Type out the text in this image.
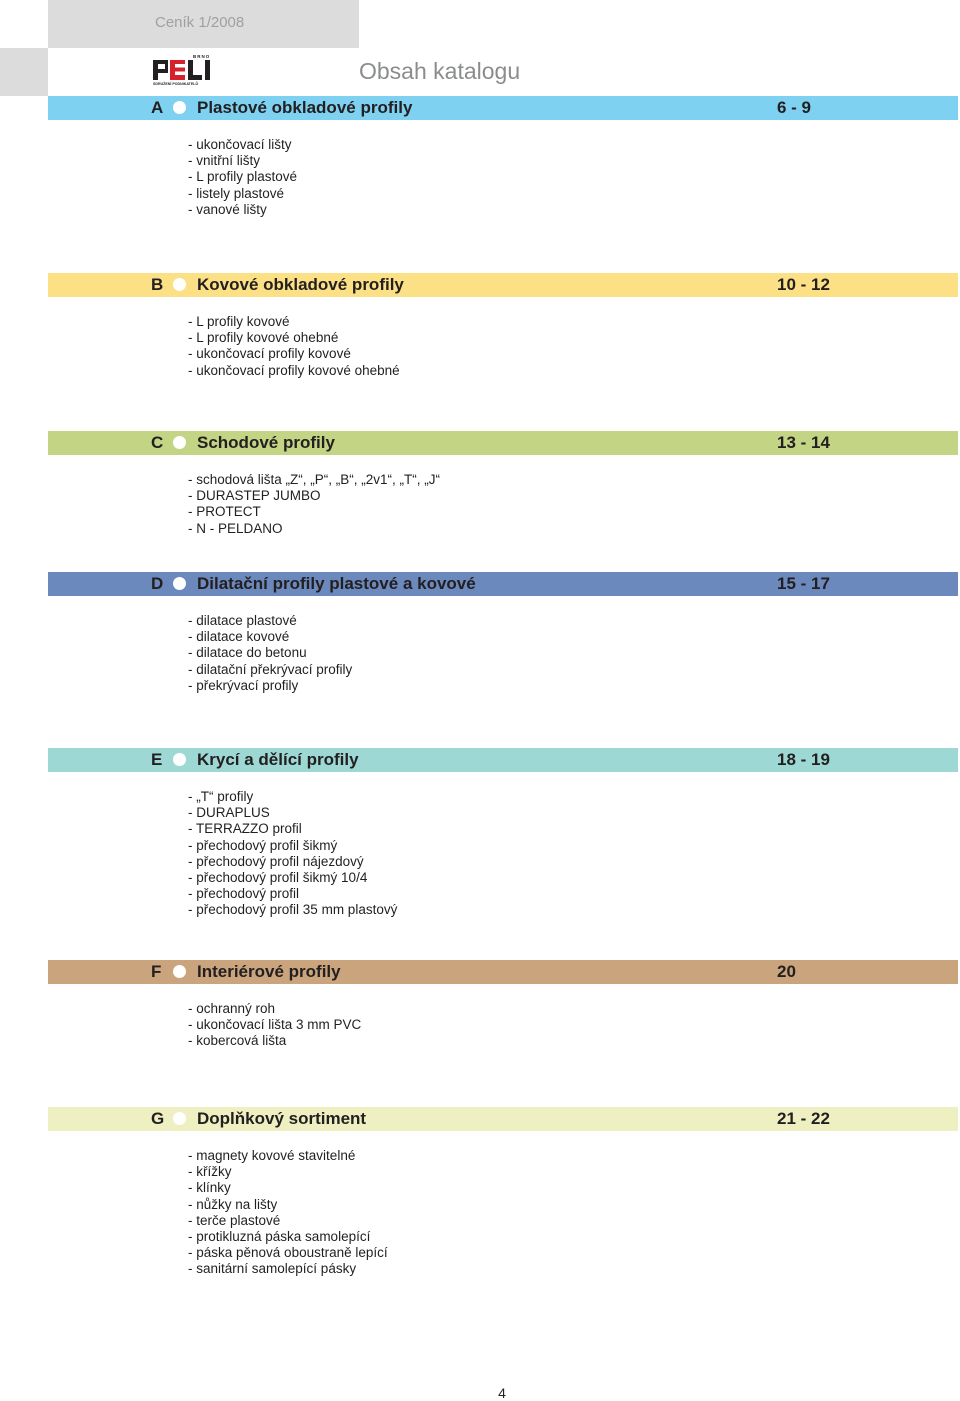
Ceník 1/2008
BRNO
SDRUŽENÍ PODNIKATELŮ	Obsah katalogu
A Plastové obkladové profily	6 - 9
- ukončovací lišty
- vnitřní lišty
- L profily plastové
- listely plastové
- vanové lišty
B Kovové obkladové profily	10 - 12
- L profily kovové
- L profily kovové ohebné
- ukončovací profily kovové
- ukončovací profily kovové ohebné
C Schodové profily	13 - 14
- schodová lišta „Z“, „P“, „B“, „2v1“, „T“, „J“
- DURASTEP JUMBO
- PROTECT
- N - PELDANO
D Dilatační profily plastové a kovové	15 - 17
- dilatace plastové
- dilatace kovové
- dilatace do betonu
- dilatační překrývací profily
- překrývací profily
E Krycí a dělící profily	18 - 19
- „T“ profily
- DURAPLUS
- TERRAZZO profil
- přechodový profil šikmý
- přechodový profil nájezdový
- přechodový profil šikmý 10/4
- přechodový profil
- přechodový profil 35 mm plastový
F Interiérové profily	20
- ochranný roh
- ukončovací lišta 3 mm PVC
- kobercová lišta
G Doplňkový sortiment	21 - 22
- magnety kovové stavitelné
- křížky
- klínky
- nůžky na lišty
- terče plastové
- protikluzná páska samolepící
- páska pěnová oboustraně lepící
- sanitární samolepící pásky
4
